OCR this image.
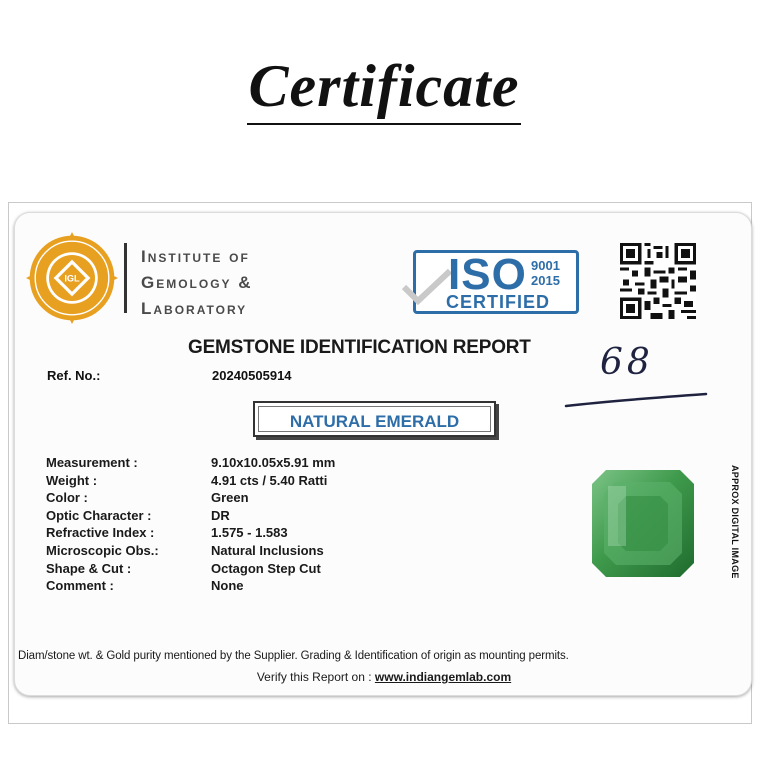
Certificate
IGL
Institute of
Gemology &
Laboratory
ISO 9001
2015
CERTIFIED
GEMSTONE IDENTIFICATION REPORT
Ref. No.:	20240505914	68
NATURAL EMERALD
Measurement :	9.10x10.05x5.91 mm
Weight :	4.91 cts / 5.40 Ratti
Color :	Green
Optic Character :	DR
Refractive Index :	1.575 - 1.583
Microscopic Obs.:	Natural Inclusions
Shape & Cut :	Octagon Step Cut
Comment :	None
APPROX DIGITAL IMAGE
Diam/stone wt. & Gold purity mentioned by the Supplier. Grading & Identification of origin as mounting permits.
Verify this Report on : www.indiangemlab.com
